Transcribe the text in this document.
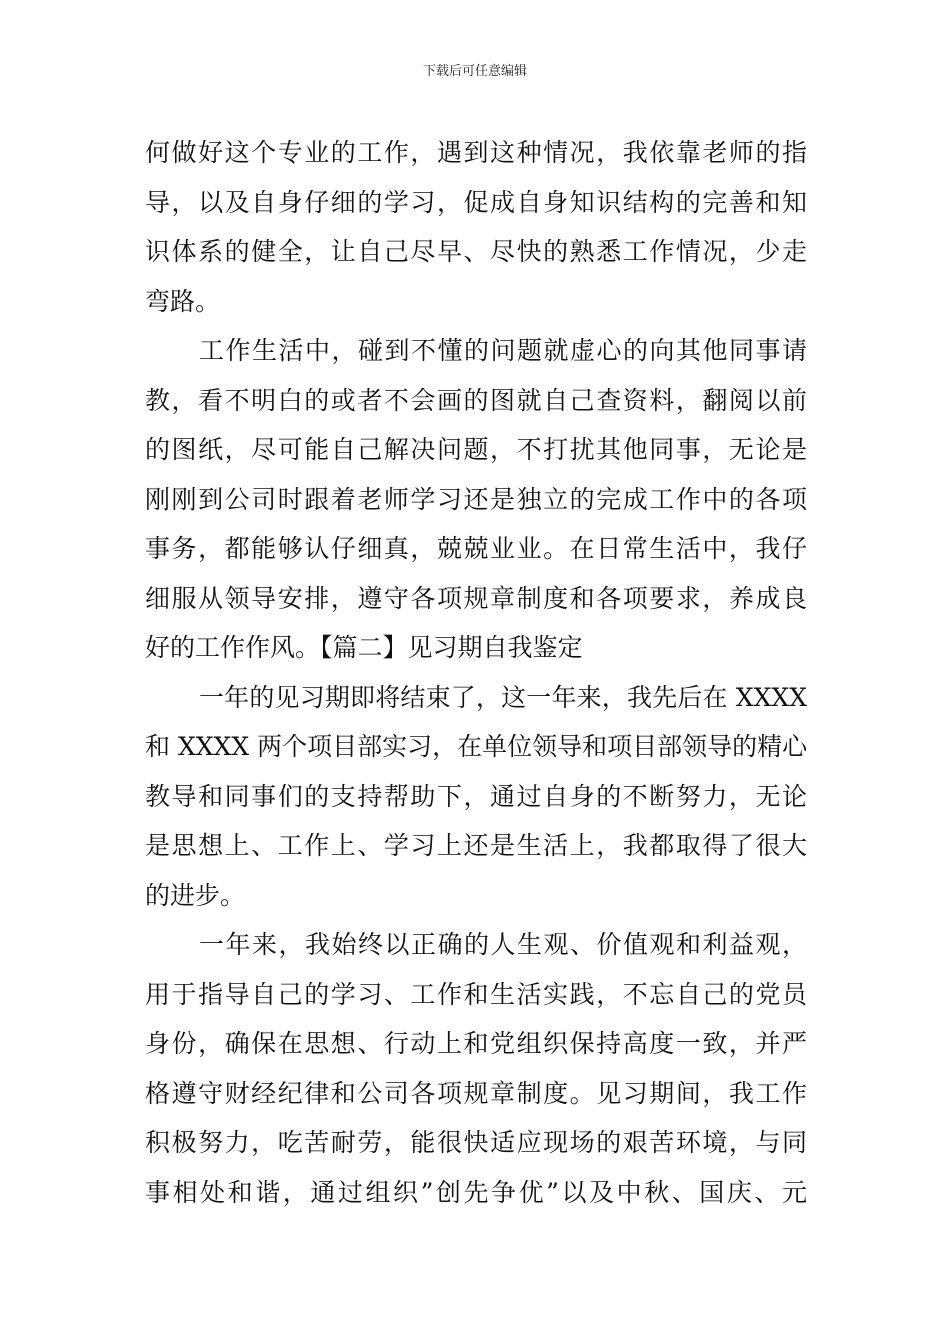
下载后可任意编辑
何做好这个专业的工作，遇到这种情况，我依靠老师的指
导，以及自身仔细的学习，促成自身知识结构的完善和知
识体系的健全，让自己尽早、尽快的熟悉工作情况，少走
弯路。
工作生活中，碰到不懂的问题就虚心的向其他同事请
教，看不明白的或者不会画的图就自己查资料，翻阅以前
的图纸，尽可能自己解决问题，不打扰其他同事，无论是
刚刚到公司时跟着老师学习还是独立的完成工作中的各项
事务，都能够认仔细真，兢兢业业。在日常生活中，我仔
细服从领导安排，遵守各项规章制度和各项要求，养成良
好的工作作风。【篇二】见习期自我鉴定
一年的见习期即将结束了，这一年来，我先后在 XXXX
和 XXXX 两个项目部实习，在单位领导和项目部领导的精心
教导和同事们的支持帮助下，通过自身的不断努力，无论
是思想上、工作上、学习上还是生活上，我都取得了很大
的进步。
一年来，我始终以正确的人生观、价值观和利益观，
用于指导自己的学习、工作和生活实践，不忘自己的党员
身份，确保在思想、行动上和党组织保持高度一致，并严
格遵守财经纪律和公司各项规章制度。见习期间，我工作
积极努力，吃苦耐劳，能很快适应现场的艰苦环境，与同
事相处和谐，通过组织”创先争优”以及中秋、国庆、元
